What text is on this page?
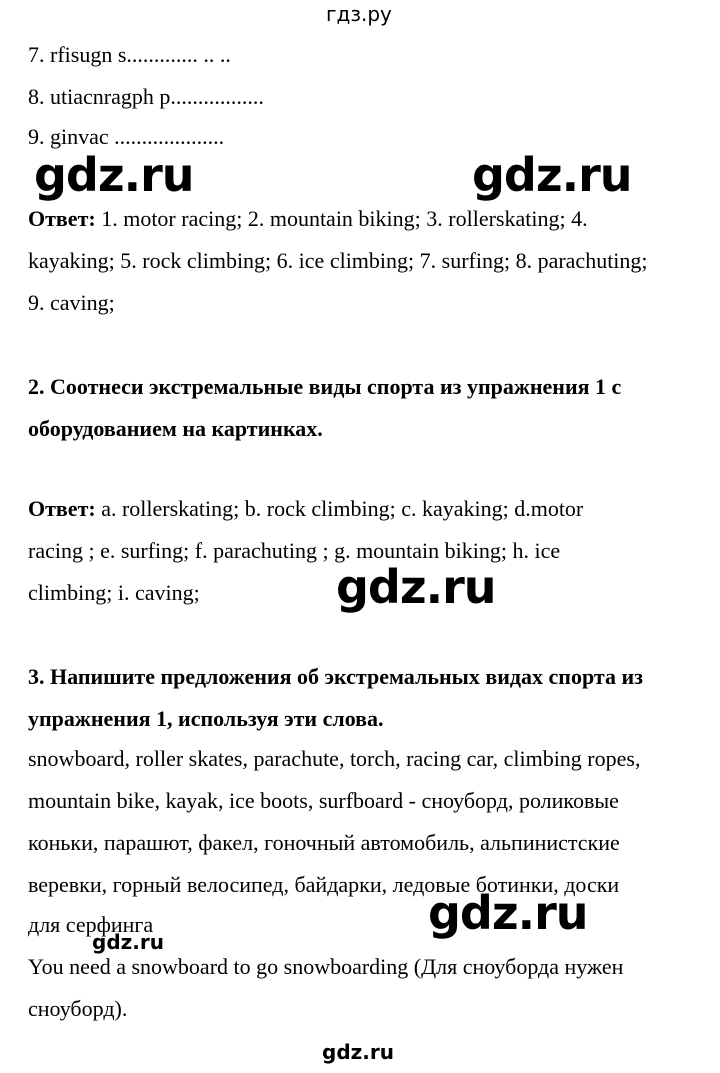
гдз.ру
7. rfisugn s............. .. ..
8. utiacnragph p.................
9. ginvac ....................
gdz.ru	gdz.ru
Ответ: 1. motor racing; 2. mountain biking; 3. rollerskating; 4.
kayaking; 5. rock climbing; 6. ice climbing; 7. surfing; 8. parachuting;
9. caving;
2. Соотнеси экстремальные виды спорта из упражнения 1 с
оборудованием на картинках.
Ответ: a. rollerskating; b. rock climbing; c. kayaking; d.motor
racing ; e. surfing; f. parachuting ; g. mountain biking; h. ice
climbing; i. caving;	gdz.ru
3. Напишите предложения об экстремальных видах спорта из
упражнения 1, используя эти слова.
snowboard, roller skates, parachute, torch, racing car, climbing ropes,
mountain bike, kayak, ice boots, surfboard - сноуборд, роликовые
коньки, парашют, факел, гоночный автомобиль, альпинистские
веревки, горный велосипед, байдарки, ледовые ботинки, доски
для серфинга	gdz.ru
gdz.ru
You need a snowboard to go snowboarding (Для сноуборда нужен
сноуборд).
gdz.ru
